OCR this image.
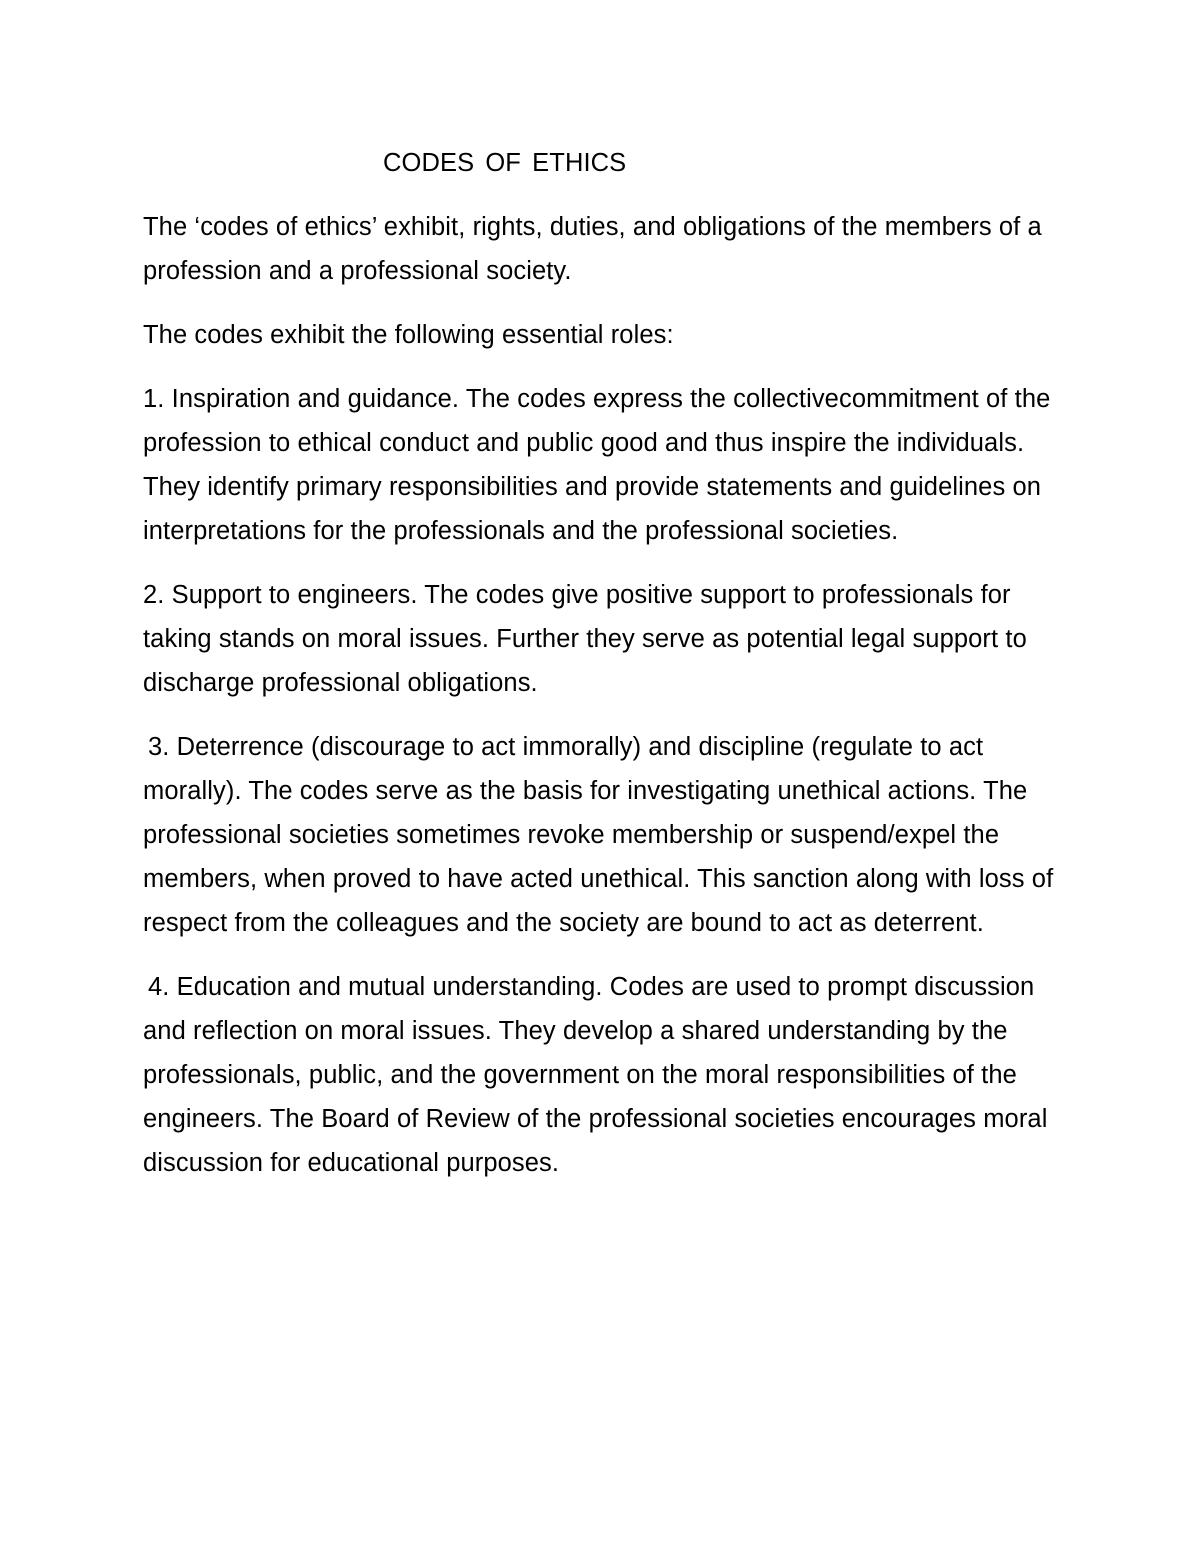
CODES OF ETHICS

The ‘codes of ethics’ exhibit, rights, duties, and obligations of the members of a profession and a professional society.

The codes exhibit the following essential roles:

1. Inspiration and guidance. The codes express the collectivecommitment of the profession to ethical conduct and public good and thus inspire the individuals. They identify primary responsibilities and provide statements and guidelines on interpretations for the professionals and the professional societies.

2. Support to engineers. The codes give positive support to professionals for taking stands on moral issues. Further they serve as potential legal support to discharge professional obligations.

3. Deterrence (discourage to act immorally) and discipline (regulate to act morally). The codes serve as the basis for investigating unethical actions. The professional societies sometimes revoke membership or suspend/expel the members, when proved to have acted unethical. This sanction along with loss of respect from the colleagues and the society are bound to act as deterrent.

4. Education and mutual understanding. Codes are used to prompt discussion and reflection on moral issues. They develop a shared understanding by the professionals, public, and the government on the moral responsibilities of the engineers. The Board of Review of the professional societies encourages moral discussion for educational purposes.
